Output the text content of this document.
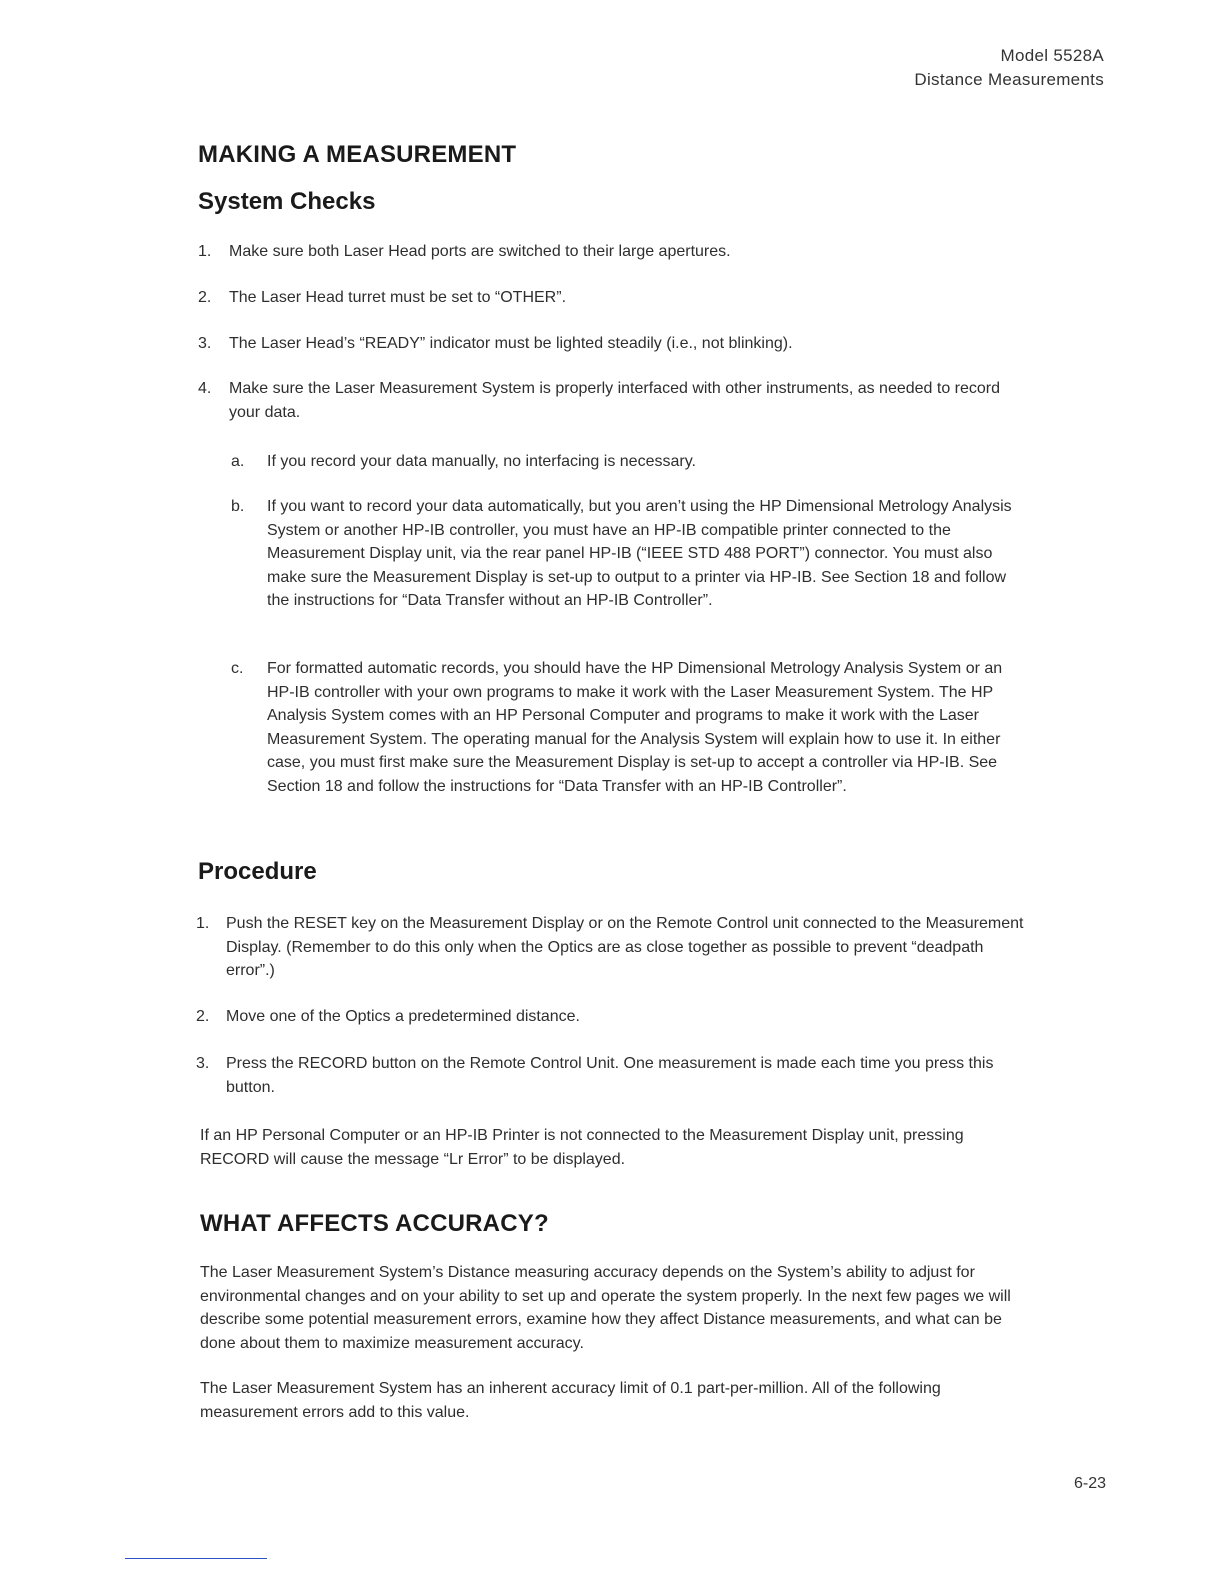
Model 5528A
Distance Measurements
MAKING A MEASUREMENT
System Checks
1. Make sure both Laser Head ports are switched to their large apertures.
2. The Laser Head turret must be set to “OTHER”.
3. The Laser Head’s “READY” indicator must be lighted steadily (i.e., not blinking).
4. Make sure the Laser Measurement System is properly interfaced with other instruments, as needed to record your data.
a. If you record your data manually, no interfacing is necessary.
b. If you want to record your data automatically, but you aren’t using the HP Dimensional Metrology Analysis System or another HP-IB controller, you must have an HP-IB compatible printer connected to the Measurement Display unit, via the rear panel HP-IB (“IEEE STD 488 PORT”) connector. You must also make sure the Measurement Display is set-up to output to a printer via HP-IB. See Section 18 and follow the instructions for “Data Transfer without an HP-IB Controller”.
c. For formatted automatic records, you should have the HP Dimensional Metrology Analysis System or an HP-IB controller with your own programs to make it work with the Laser Measurement System. The HP Analysis System comes with an HP Personal Computer and programs to make it work with the Laser Measurement System. The operating manual for the Analysis System will explain how to use it. In either case, you must first make sure the Measurement Display is set-up to accept a controller via HP-IB. See Section 18 and follow the instructions for “Data Transfer with an HP-IB Controller”.
Procedure
1. Push the RESET key on the Measurement Display or on the Remote Control unit connected to the Measurement Display. (Remember to do this only when the Optics are as close together as possible to prevent “deadpath error”.)
2. Move one of the Optics a predetermined distance.
3. Press the RECORD button on the Remote Control Unit. One measurement is made each time you press this button.
If an HP Personal Computer or an HP-IB Printer is not connected to the Measurement Display unit, pressing RECORD will cause the message “Lr Error” to be displayed.
WHAT AFFECTS ACCURACY?
The Laser Measurement System’s Distance measuring accuracy depends on the System’s ability to adjust for environmental changes and on your ability to set up and operate the system properly. In the next few pages we will describe some potential measurement errors, examine how they affect Distance measurements, and what can be done about them to maximize measurement accuracy.
The Laser Measurement System has an inherent accuracy limit of 0.1 part-per-million. All of the following measurement errors add to this value.
6-23
